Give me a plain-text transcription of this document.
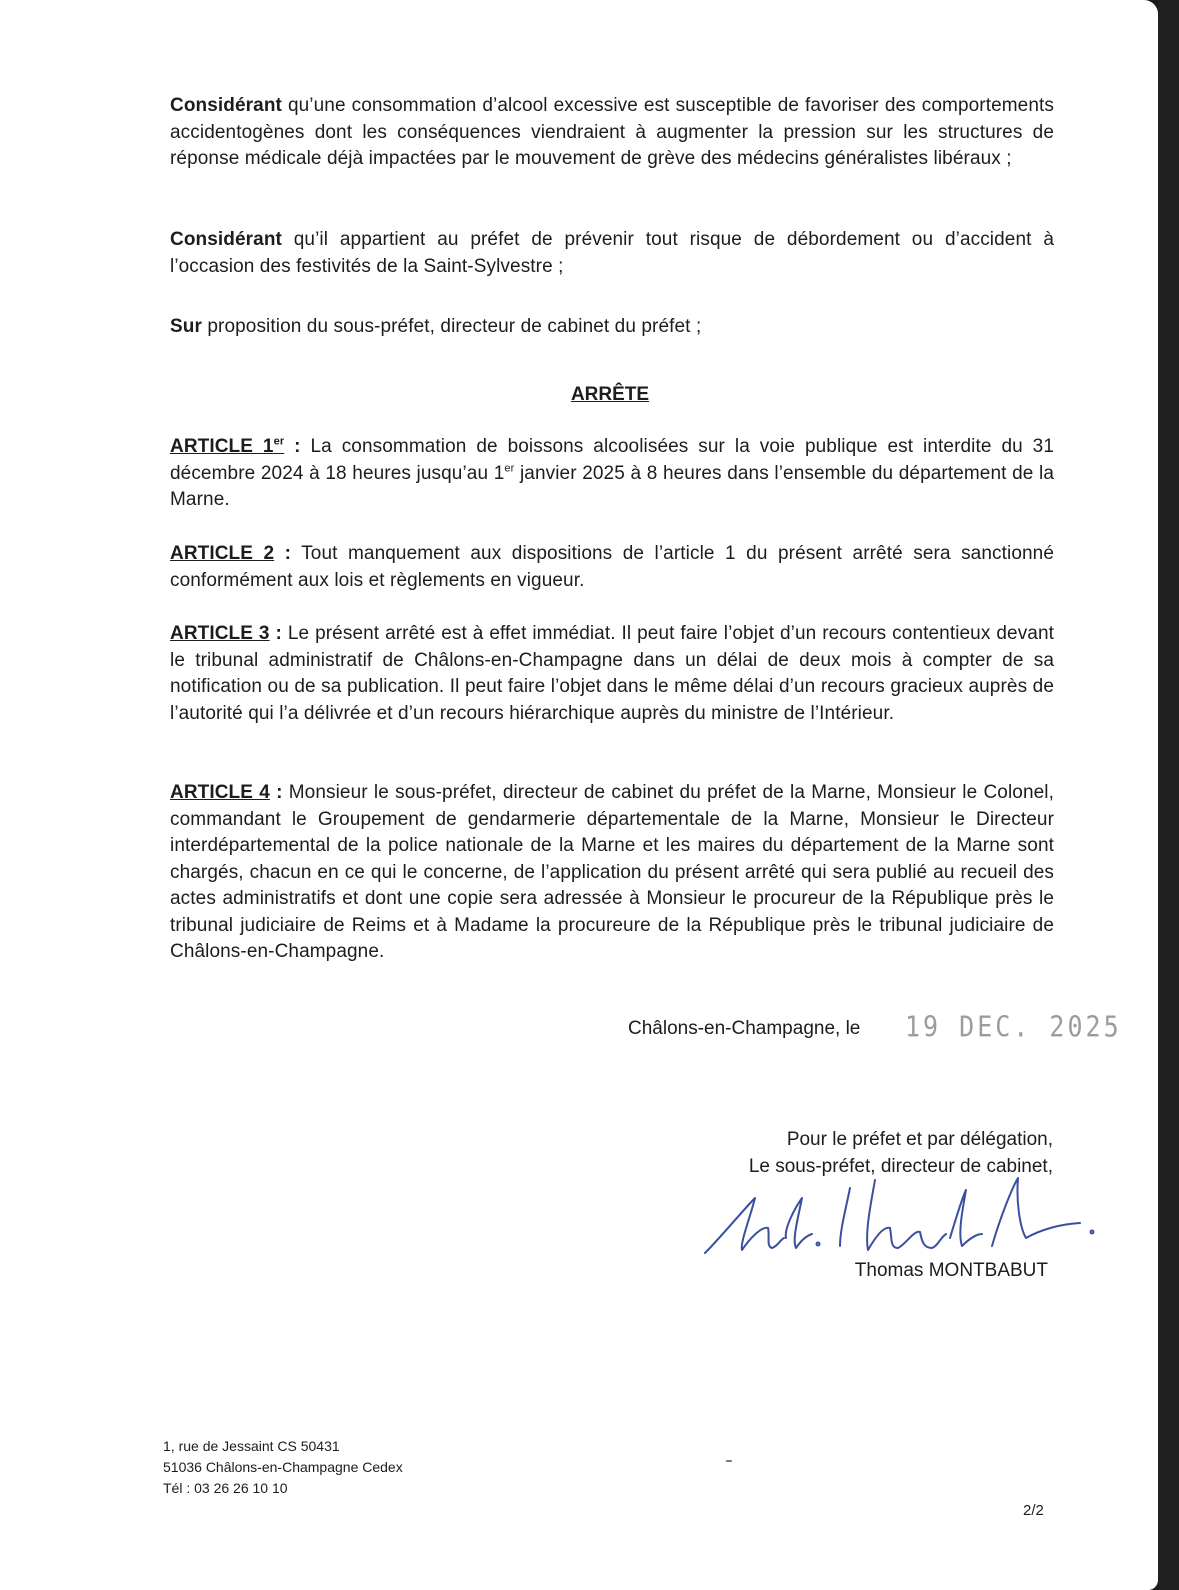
Considérant qu’une consommation d’alcool excessive est susceptible de favoriser des comportements accidentogènes dont les conséquences viendraient à augmenter la pression sur les structures de réponse médicale déjà impactées par le mouvement de grève des médecins généralistes libéraux ;

Considérant qu’il appartient au préfet de prévenir tout risque de débordement ou d’accident à l’occasion des festivités de la Saint-Sylvestre ;

Sur proposition du sous-préfet, directeur de cabinet du préfet ;

ARRÊTE

ARTICLE 1er : La consommation de boissons alcoolisées sur la voie publique est interdite du 31 décembre 2024 à 18 heures jusqu’au 1er janvier 2025 à 8 heures dans l’ensemble du département de la Marne.

ARTICLE 2 : Tout manquement aux dispositions de l’article 1 du présent arrêté sera sanctionné conformément aux lois et règlements en vigueur.

ARTICLE 3 : Le présent arrêté est à effet immédiat. Il peut faire l’objet d’un recours contentieux devant le tribunal administratif de Châlons-en-Champagne dans un délai de deux mois à compter de sa notification ou de sa publication. Il peut faire l’objet dans le même délai d’un recours gracieux auprès de l’autorité qui l’a délivrée et d’un recours hiérarchique auprès du ministre de l’Intérieur.

ARTICLE 4 : Monsieur le sous-préfet, directeur de cabinet du préfet de la Marne, Monsieur le Colonel, commandant le Groupement de gendarmerie départementale de la Marne, Monsieur le Directeur interdépartemental de la police nationale de la Marne et les maires du département de la Marne sont chargés, chacun en ce qui le concerne, de l’application du présent arrêté qui sera publié au recueil des actes administratifs et dont une copie sera adressée à Monsieur le procureur de la République près le tribunal judiciaire de Reims et à Madame la procureure de la République près le tribunal judiciaire de Châlons-en-Champagne.

Châlons-en-Champagne, le 19 DEC. 2025
Pour le préfet et par délégation,
Le sous-préfet, directeur de cabinet,
Thomas MONTBABUT
1, rue de Jessaint CS 50431
51036 Châlons-en-Champagne Cedex
Tél : 03 26 26 10 10
2/2
